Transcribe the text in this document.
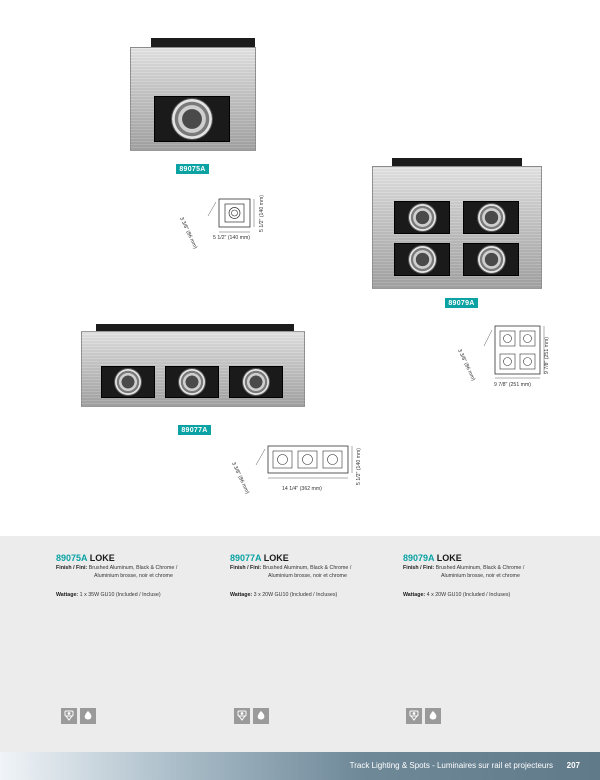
89075A
89079A
89077A
5 1/2" (140 mm)
5 1/2" (140 mm)
3 3/8" (86 mm)
9 7/8" (251 mm)
9 7/8" (251 mm)
3 3/8" (86 mm)
14 1/4" (362 mm)
5 1/2" (140 mm)
3 3/8" (86 mm)
89075A LOKE
Finish / Fini: Brushed Aluminum, Black & Chrome /
Aluminium brosse, noir et chrome
Wattage: 1 x 35W GU10 (Included / Incluse)
89077A LOKE
Finish / Fini: Brushed Aluminum, Black & Chrome /
Aluminium brosse, noir et chrome
Wattage: 3 x 20W GU10 (Included / Incluses)
89079A LOKE
Finish / Fini: Brushed Aluminum, Black & Chrome /
Aluminium brosse, noir et chrome
Wattage: 4 x 20W GU10 (Included / Incluses)
Track Lighting & Spots - Luminaires sur rail et projecteurs 207
